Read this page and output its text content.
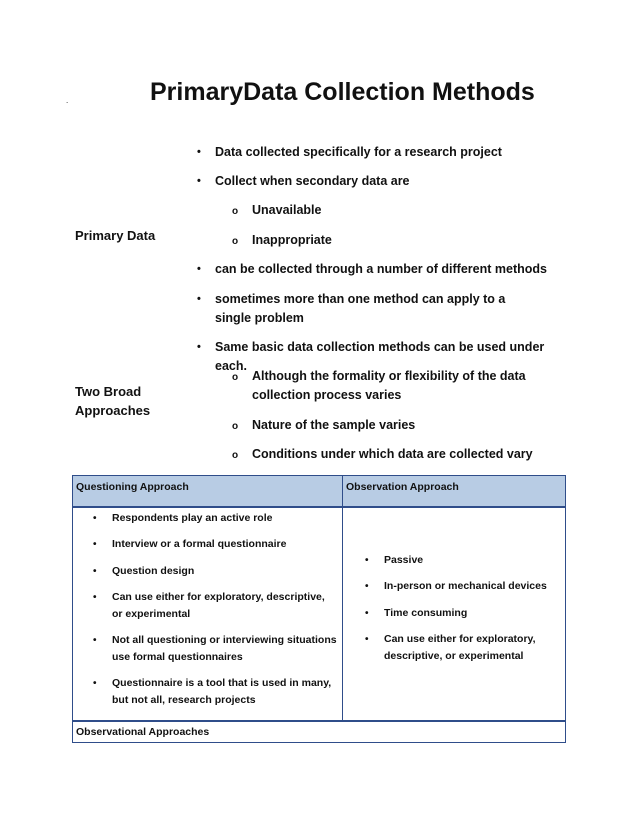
.	PrimaryData Collection Methods
Primary Data
Two Broad
Approaches
• Data collected specifically for a research project
• Collect when secondary data are
o Unavailable
o Inappropriate
• can be collected through a number of different methods
• sometimes more than one method can apply to a single problem
• Same basic data collection methods can be used under each.
o Although the formality or flexibility of the data collection process varies
o Nature of the sample varies
o Conditions under which data are collected vary
Questioning Approach	Observation Approach
• Respondents play an active role
• Interview or a formal questionnaire
• Question design
• Can use either for exploratory, descriptive, or experimental
• Not all questioning or interviewing situations use formal questionnaires
• Questionnaire is a tool that is used in many, but not all, research projects
• Passive
• In-person or mechanical devices
• Time consuming
• Can use either for exploratory, descriptive, or experimental
Observational Approaches
